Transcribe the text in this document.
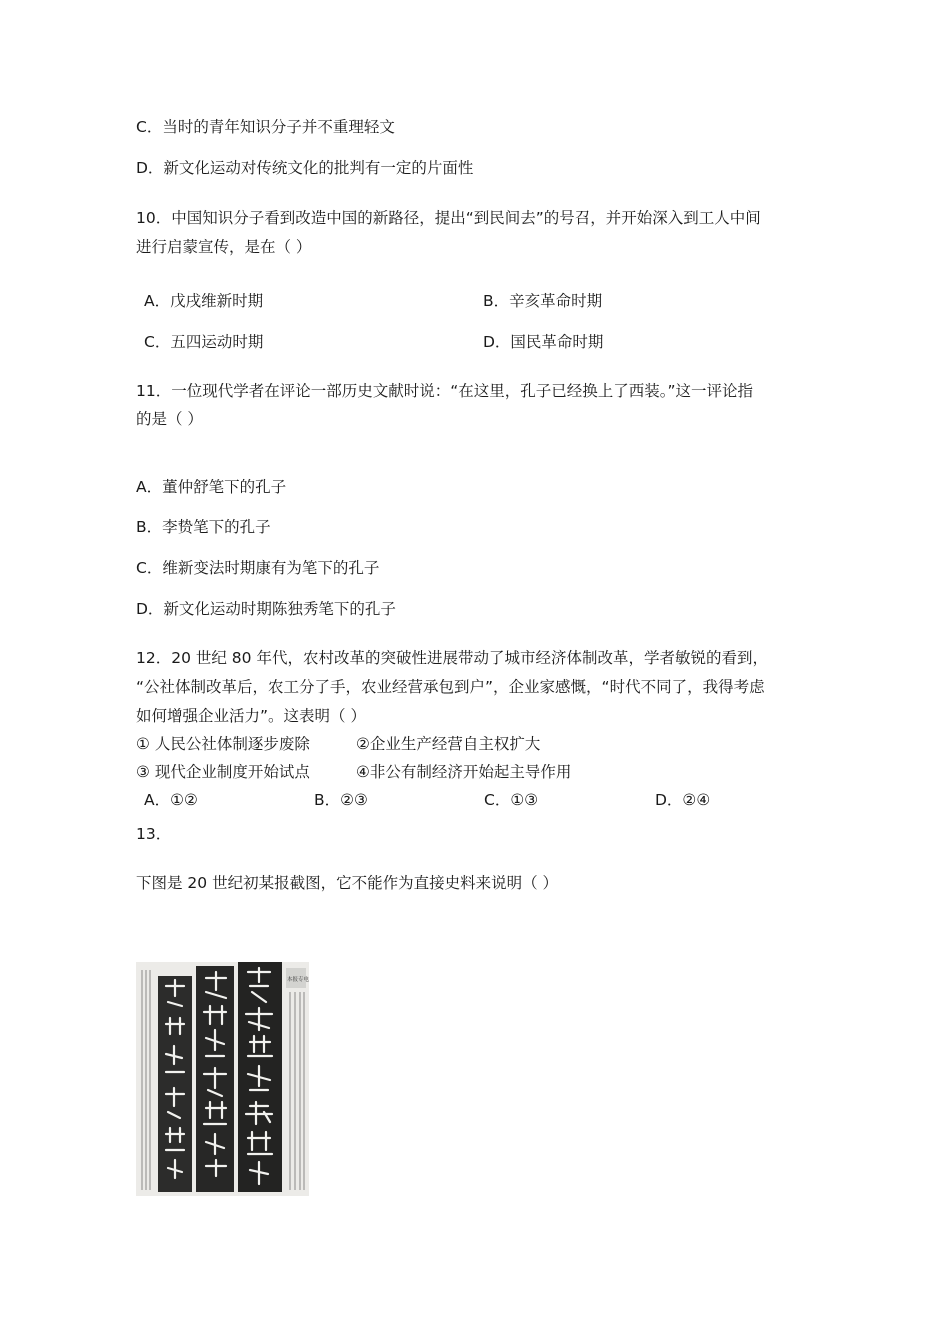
C．当时的青年知识分子并不重理轻文
D．新文化运动对传统文化的批判有一定的片面性
10．中国知识分子看到改造中国的新路径，提出“到民间去”的号召，并开始深入到工人中间
进行启蒙宣传，是在（ ）
A．戊戌维新时期	B．辛亥革命时期
C．五四运动时期	D．国民革命时期
11．一位现代学者在评论一部历史文献时说：“在这里，孔子已经换上了西装。”这一评论指
的是（ ）
A．董仲舒笔下的孔子
B．李贽笔下的孔子
C．维新变法时期康有为笔下的孔子
D．新文化运动时期陈独秀笔下的孔子
12．20 世纪 80 年代，农村改革的突破性进展带动了城市经济体制改革，学者敏锐的看到，
“公社体制改革后，农工分了手，农业经营承包到户”，企业家感慨，“时代不同了，我得考虑
如何增强企业活力”。这表明（ ）
① 人民公社体制逐步废除	②企业生产经营自主权扩大
③ 现代企业制度开始试点	④非公有制经济开始起主导作用
A．①②	B．②③	C．①③	D．②④
13．
下图是 20 世纪初某报截图，它不能作为直接史料来说明（ ）
本报专电
